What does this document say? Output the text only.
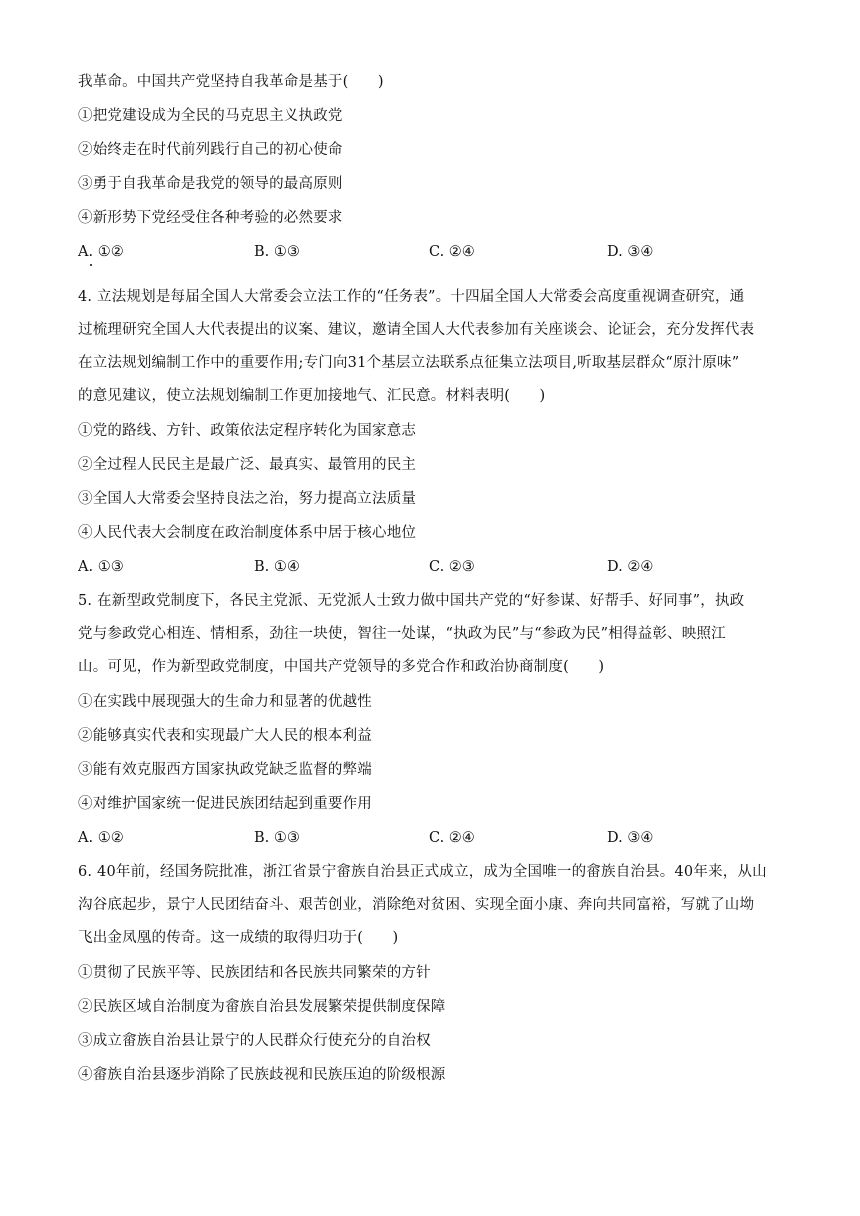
我革命。中国共产党坚持自我革命是基于(　　)
①把党建设成为全民的马克思主义执政党
②始终走在时代前列践行自己的初心使命
③勇于自我革命是我党的领导的最高原则
④新形势下党经受住各种考验的必然要求
A. ①②	B. ①③	C. ②④	D. ③④
4. 立法规划是每届全国人大常委会立法工作的“任务表”。十四届全国人大常委会高度重视调查研究，通
过梳理研究全国人大代表提出的议案、建议，邀请全国人大代表参加有关座谈会、论证会，充分发挥代表
在立法规划编制工作中的重要作用;专门向31个基层立法联系点征集立法项目,听取基层群众“原汁原味”
的意见建议，使立法规划编制工作更加接地气、汇民意。材料表明(　　)
①党的路线、方针、政策依法定程序转化为国家意志
②全过程人民民主是最广泛、最真实、最管用的民主
③全国人大常委会坚持良法之治，努力提高立法质量
④人民代表大会制度在政治制度体系中居于核心地位
A. ①③	B. ①④	C. ②③	D. ②④
5. 在新型政党制度下，各民主党派、无党派人士致力做中国共产党的“好参谋、好帮手、好同事”，执政
党与参政党心相连、情相系，劲往一块使，智往一处谋，“执政为民”与“参政为民”相得益彰、映照江
山。可见，作为新型政党制度，中国共产党领导的多党合作和政治协商制度(　　)
①在实践中展现强大的生命力和显著的优越性
②能够真实代表和实现最广大人民的根本利益
③能有效克服西方国家执政党缺乏监督的弊端
④对维护国家统一促进民族团结起到重要作用
A. ①②	B. ①③	C. ②④	D. ③④
6. 40年前，经国务院批准，浙江省景宁畲族自治县正式成立，成为全国唯一的畲族自治县。40年来，从山
沟谷底起步，景宁人民团结奋斗、艰苦创业，消除绝对贫困、实现全面小康、奔向共同富裕，写就了山坳
飞出金凤凰的传奇。这一成绩的取得归功于(　　)
①贯彻了民族平等、民族团结和各民族共同繁荣的方针
②民族区域自治制度为畲族自治县发展繁荣提供制度保障
③成立畲族自治县让景宁的人民群众行使充分的自治权
④畲族自治县逐步消除了民族歧视和民族压迫的阶级根源
